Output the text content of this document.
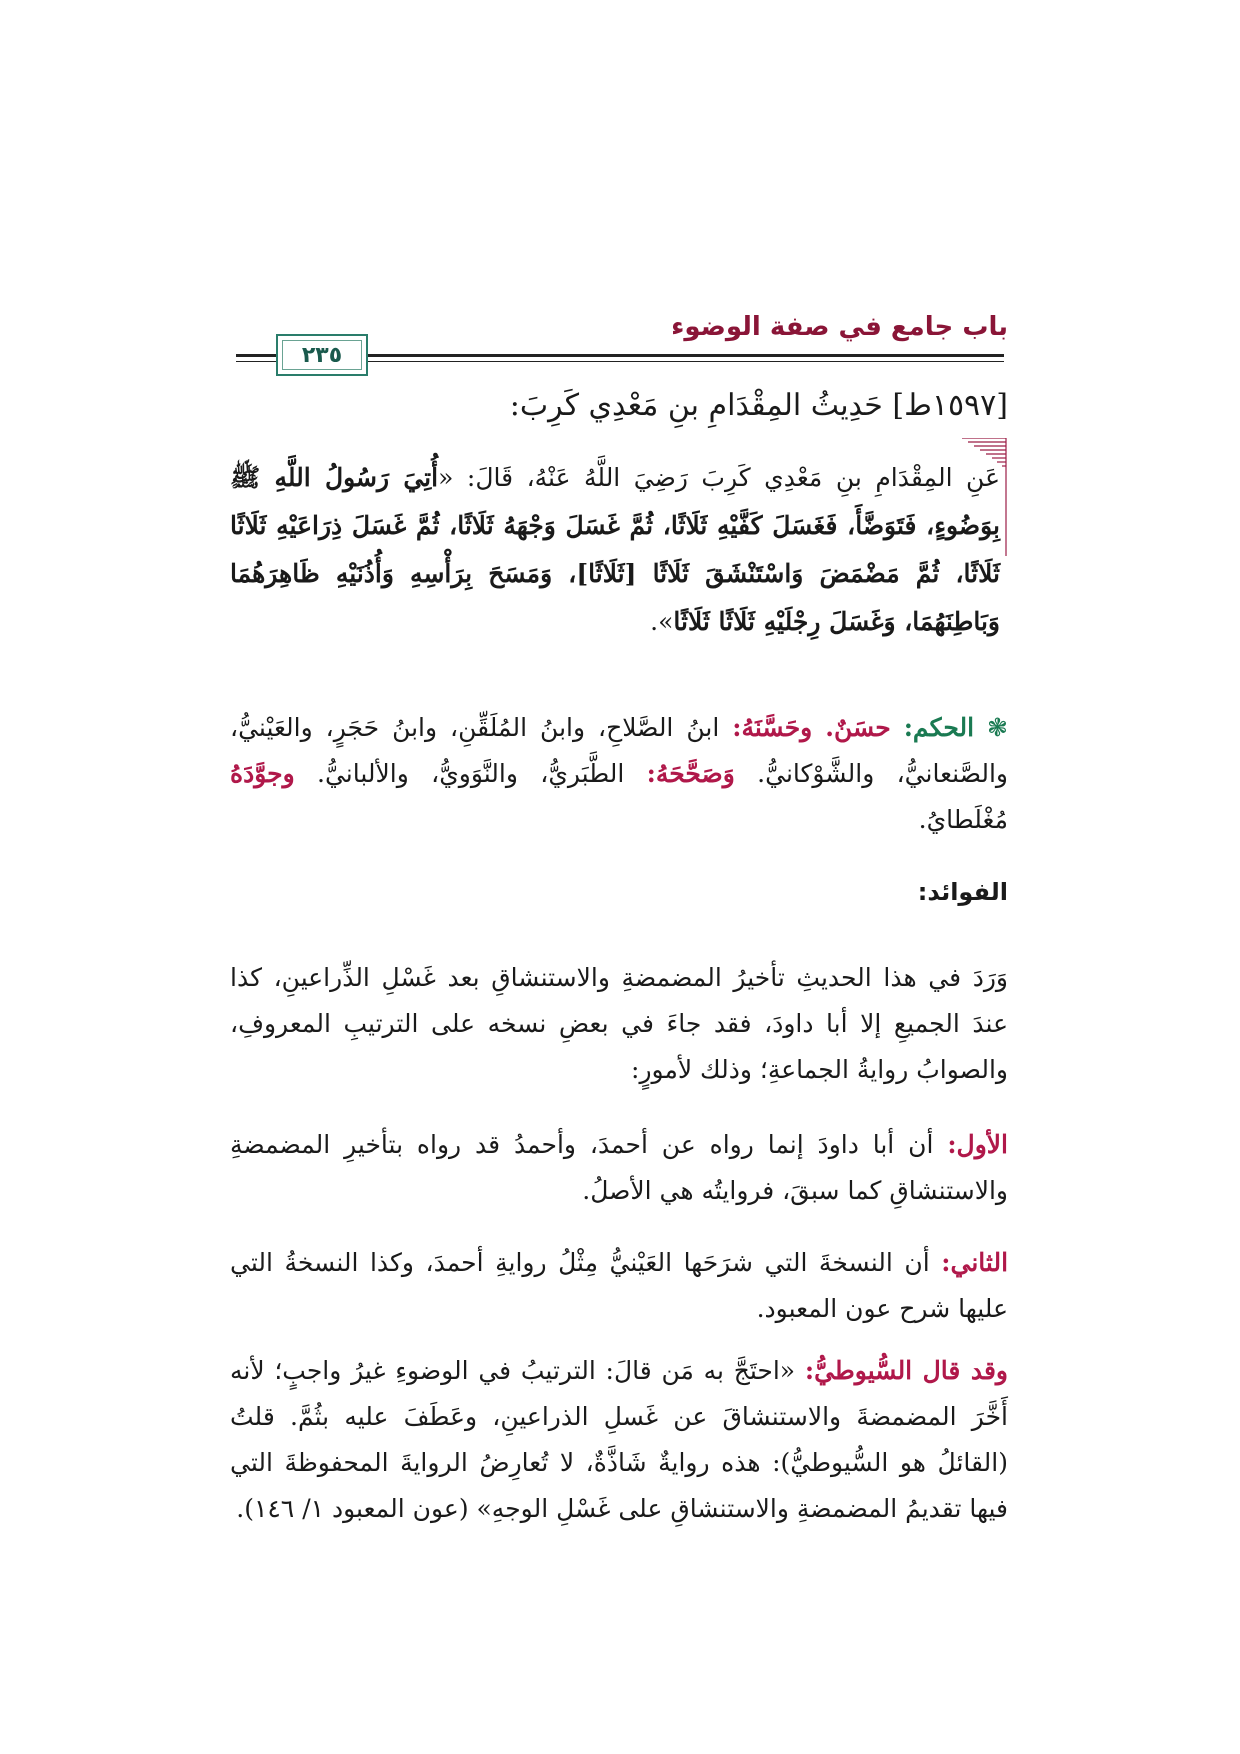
باب جامع في صفة الوضوء
٢٣٥
[١٥٩٧ط] حَدِيثُ المِقْدَامِ بنِ مَعْدِي كَرِبَ:
عَنِ المِقْدَامِ بنِ مَعْدِي كَرِبَ رَضِيَ اللَّهُ عَنْهُ، قَالَ: «أُتِيَ رَسُولُ اللَّهِ ﷺ بِوَضُوءٍ، فَتَوَضَّأَ، فَغَسَلَ كَفَّيْهِ ثَلَاثًا، ثُمَّ غَسَلَ وَجْهَهُ ثَلَاثًا، ثُمَّ غَسَلَ ذِرَاعَيْهِ ثَلَاثًا ثَلَاثًا، ثُمَّ مَضْمَضَ وَاسْتَنْشَقَ ثَلَاثًا [ثَلَاثًا]، وَمَسَحَ بِرَأْسِهِ وَأُذُنَيْهِ ظَاهِرَهُمَا وَبَاطِنَهُمَا، وَغَسَلَ رِجْلَيْهِ ثَلَاثًا ثَلَاثًا».
❃ الحكم: حسَنٌ. وحَسَّنَهُ: ابنُ الصَّلاحِ، وابنُ المُلَقِّنِ، وابنُ حَجَرٍ، والعَيْنيُّ، والصَّنعانيُّ، والشَّوْكانيُّ. وَصَحَّحَهُ: الطَّبَريُّ، والنَّوَويُّ، والألبانيُّ. وجوَّدَهُ مُغْلَطايُ.
الفوائد:
وَرَدَ في هذا الحديثِ تأخيرُ المضمضةِ والاستنشاقِ بعد غَسْلِ الذِّراعينِ، كذا عندَ الجميعِ إلا أبا داودَ، فقد جاءَ في بعضِ نسخه على الترتيبِ المعروفِ، والصوابُ روايةُ الجماعةِ؛ وذلك لأمورٍ:
الأول: أن أبا داودَ إنما رواه عن أحمدَ، وأحمدُ قد رواه بتأخيرِ المضمضةِ والاستنشاقِ كما سبقَ، فروايتُه هي الأصلُ.
الثاني: أن النسخةَ التي شرَحَها العَيْنيُّ مِثْلُ روايةِ أحمدَ، وكذا النسخةُ التي عليها شرح عون المعبود.
وقد قال السُّيوطيُّ: «احتَجَّ به مَن قالَ: الترتيبُ في الوضوءِ غيرُ واجبٍ؛ لأنه أَخَّرَ المضمضةَ والاستنشاقَ عن غَسلِ الذراعينِ، وعَطَفَ عليه بثُمَّ. قلتُ (القائلُ هو السُّيوطيُّ): هذه روايةٌ شَاذَّةٌ، لا تُعارِضُ الروايةَ المحفوظةَ التي فيها تقديمُ المضمضةِ والاستنشاقِ على غَسْلِ الوجهِ» (عون المعبود ١/ ١٤٦).
